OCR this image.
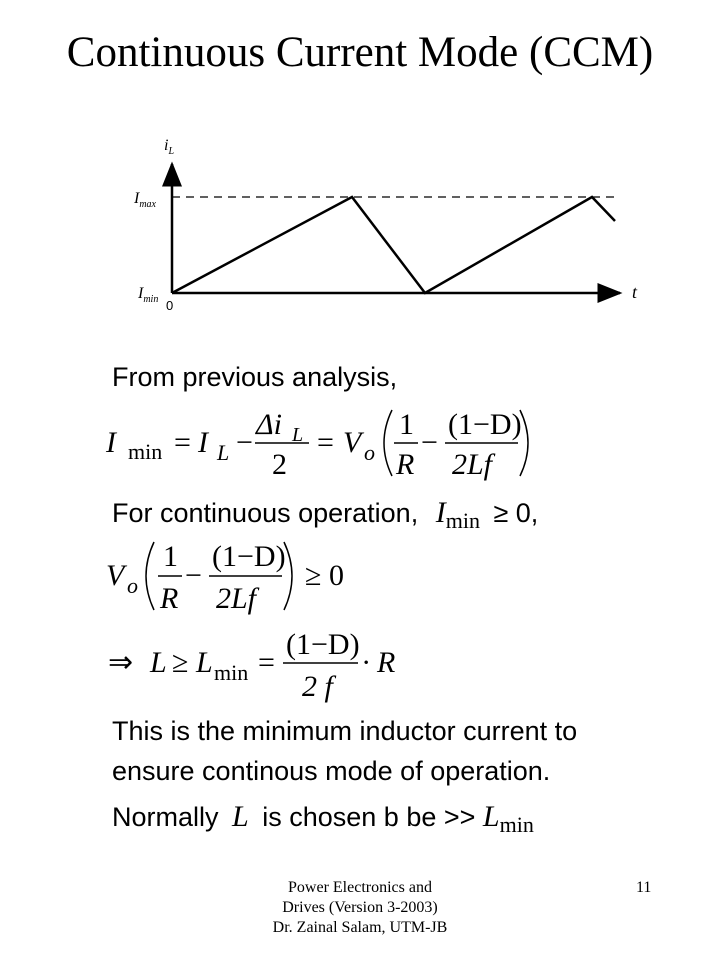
Continuous Current Mode (CCM)
$i_L$
$I_{max}$
$I_{min}$ 0
t
From previous analysis,
I min = I L −
Δi L
2
= V o
1
R
−
(1−D)
2Lf
For continuous operation, $I_{min} \ge 0$,
V o
1
R
−
(1−D)
2Lf
≥ 0
⇒ L ≥ L min =
(1−D)
2 f
· R
This is the minimum inductor current to
ensure continous mode of operation.
Normally L is chosen b be >> $L_{min}$
Power Electronics and
Drives (Version 3-2003)
Dr. Zainal Salam, UTM-JB
11
